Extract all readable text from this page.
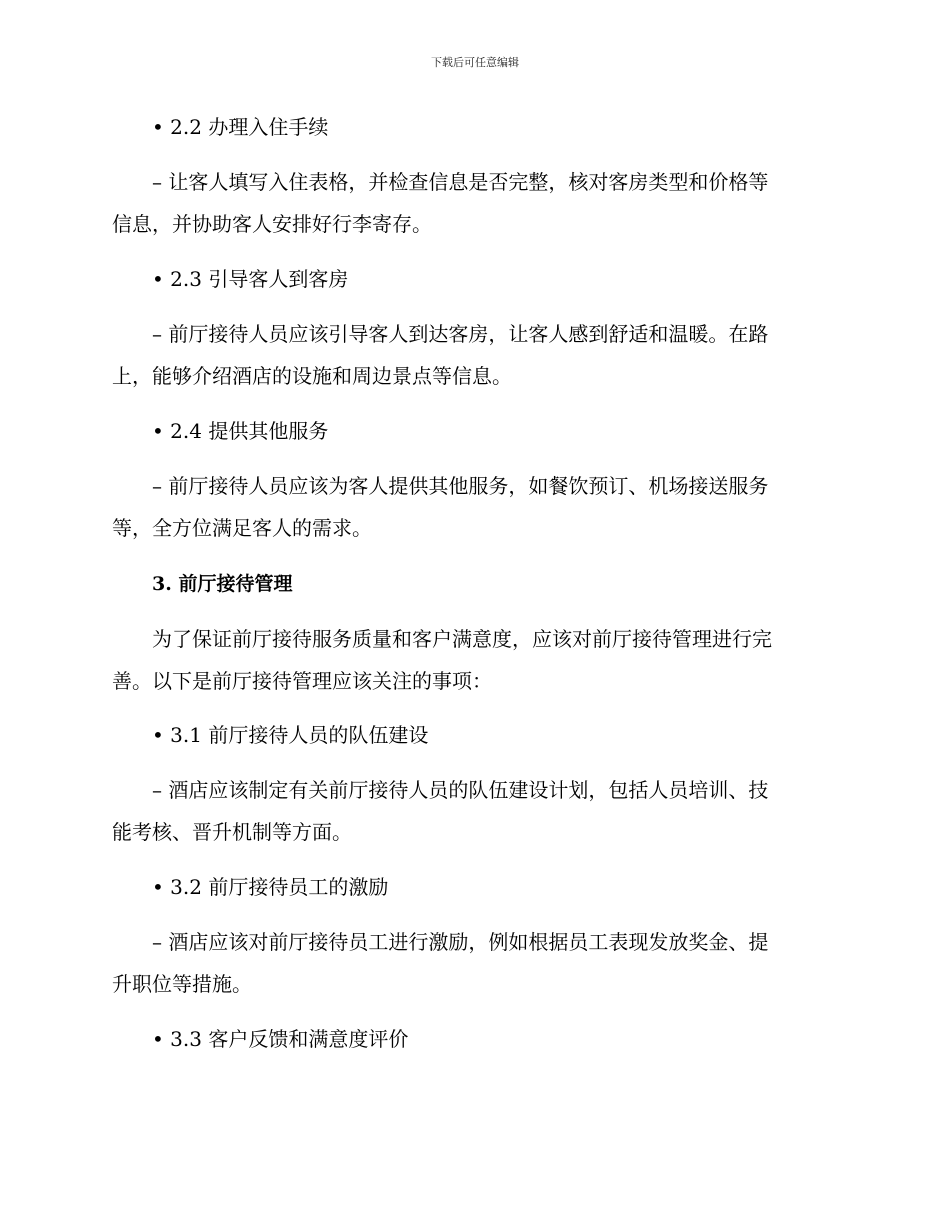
下载后可任意编辑
• 2.2 办理入住手续
– 让客人填写入住表格，并检查信息是否完整，核对客房类型和价格等
信息，并协助客人安排好行李寄存。
• 2.3 引导客人到客房
– 前厅接待人员应该引导客人到达客房，让客人感到舒适和温暖。在路
上，能够介绍酒店的设施和周边景点等信息。
• 2.4 提供其他服务
– 前厅接待人员应该为客人提供其他服务，如餐饮预订、机场接送服务
等，全方位满足客人的需求。
3. 前厅接待管理
为了保证前厅接待服务质量和客户满意度，应该对前厅接待管理进行完
善。以下是前厅接待管理应该关注的事项：
• 3.1 前厅接待人员的队伍建设
– 酒店应该制定有关前厅接待人员的队伍建设计划，包括人员培训、技
能考核、晋升机制等方面。
• 3.2 前厅接待员工的激励
– 酒店应该对前厅接待员工进行激励，例如根据员工表现发放奖金、提
升职位等措施。
• 3.3 客户反馈和满意度评价
